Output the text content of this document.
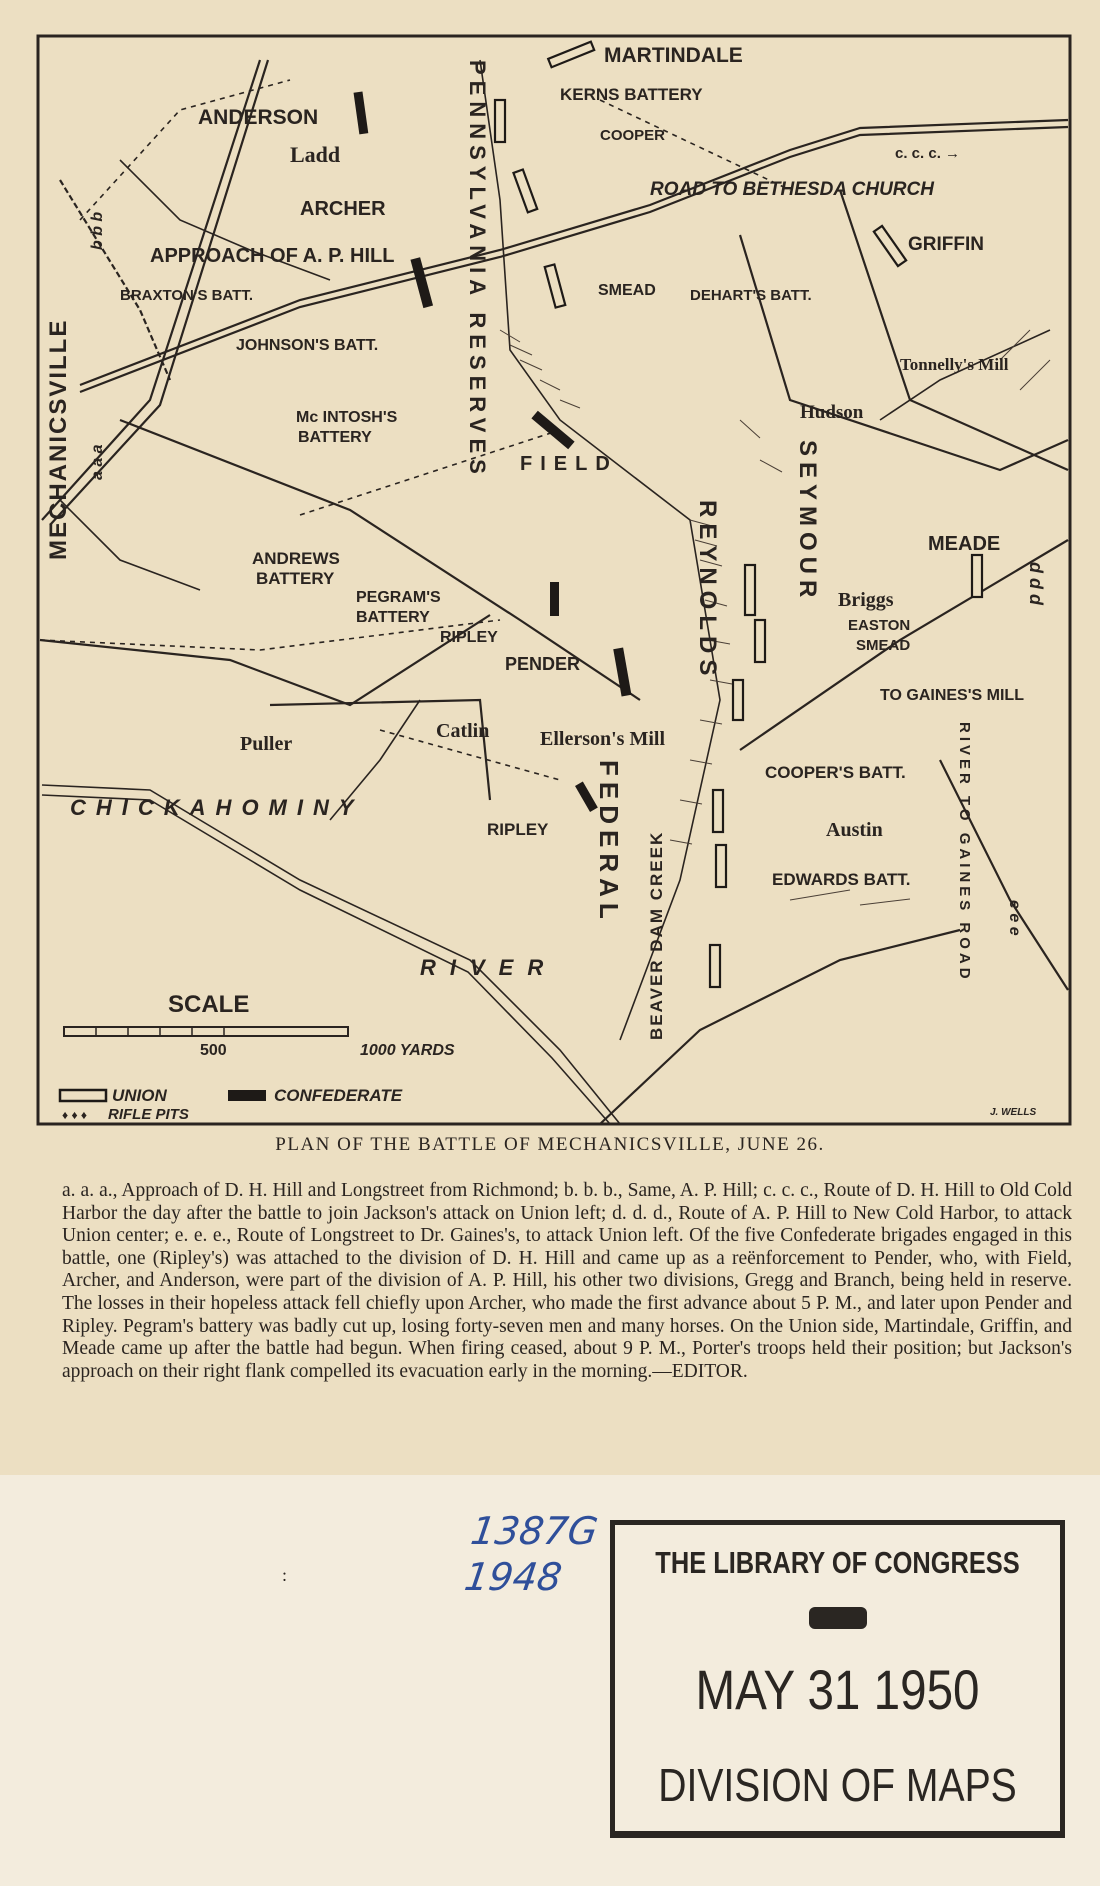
MARTINDALE
KERNS BATTERY
ANDERSON
Ladd
COOPER
ROAD TO BETHESDA CHURCH
c. c. c. →
GRIFFIN
ARCHER
APPROACH OF A. P. HILL
BRAXTON'S BATT.	SMEAD DEHART'S BATT.
JOHNSON'S BATT.
MECHANICSVILLE	Mc INTOSH'S
BATTERY
Hudson
Tonnelly's Mill
PENNSYLVANIA RESERVES FIELD
MEADE
ANDREWS
BATTERY
PEGRAM'S
BATTERY
RIPLEY
Briggs
EASTON
SMEAD
TO GAINES'S MILL
d d d
PENDER
Puller
Catlin	Ellerson's Mill
CHICKAHOMINY
RIVER
COOPER'S BATT.
RIPLEY	Austin
EDWARDS BATT.	RIVER TO GAINES ROAD e e e
FEDERAL
SEYMOUR
REYNOLDS
BEAVER DAM CREEK
a a a
b b b
SCALE
500	1000 YARDS
UNION	CONFEDERATE
♦ ♦ ♦ RIFLE PITS	J. WELLS
PLAN OF THE BATTLE OF MECHANICSVILLE, JUNE 26.
a. a. a., Approach of D. H. Hill and Longstreet from Richmond; b. b. b., Same, A. P. Hill; c. c. c., Route of D. H. Hill to Old Cold Harbor the day after the battle to join Jackson's attack on Union left; d. d. d., Route of A. P. Hill to New Cold Harbor, to attack Union center; e. e. e., Route of Longstreet to Dr. Gaines's, to attack Union left. Of the five Confederate brigades engaged in this battle, one (Ripley's) was attached to the division of D. H. Hill and came up as a reënforcement to Pender, who, with Field, Archer, and Anderson, were part of the division of A. P. Hill, his other two divisions, Gregg and Branch, being held in reserve. The losses in their hopeless attack fell chiefly upon Archer, who made the first advance about 5 P. M., and later upon Pender and Ripley. Pegram's battery was badly cut up, losing forty-seven men and many horses. On the Union side, Martindale, Griffin, and Meade came up after the battle had begun. When firing ceased, about 9 P. M., Porter's troops held their position; but Jackson's approach on their right flank compelled its evacuation early in the morning.—EDITOR.
1387G
1948
:	THE LIBRARY OF CONGRESS
MAY 31 1950
DIVISION OF MAPS
